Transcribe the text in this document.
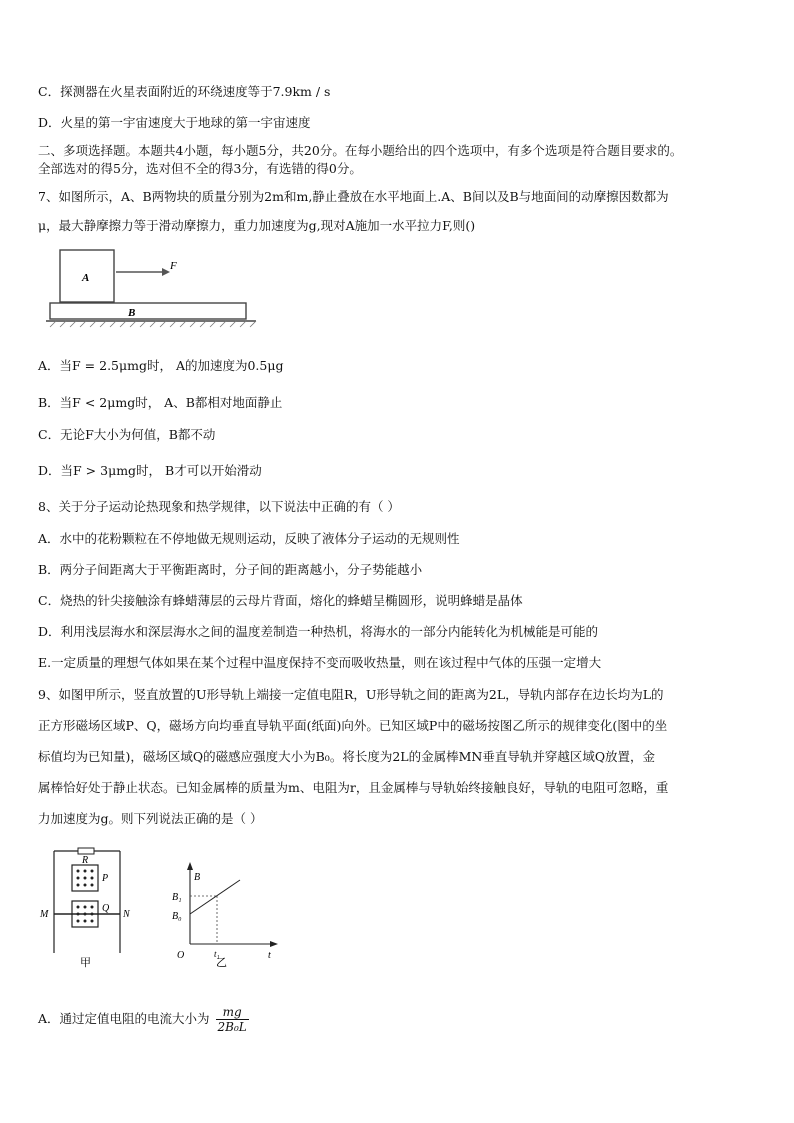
C．探测器在火星表面附近的环绕速度等于7.9km / s
D．火星的第一宇宙速度大于地球的第一宇宙速度
二、多项选择题。本题共4小题，每小题5分，共20分。在每小题给出的四个选项中，有多个选项是符合题目要求的。
全部选对的得5分，选对但不全的得3分，有选错的得0分。
7、如图所示，A、B两物块的质量分别为2m和m,静止叠放在水平地面上.A、B间以及B与地面间的动摩擦因数都为
μ，最大静摩擦力等于滑动摩擦力，重力加速度为g,现对A施加一水平拉力F,则()
A
F
B
A．当F = 2.5μmg时， A的加速度为0.5μg
B．当F < 2μmg时， A、B都相对地面静止
C．无论F大小为何值，B都不动
D．当F > 3μmg时， B才可以开始滑动
8、关于分子运动论热现象和热学规律，以下说法中正确的有（ ）
A．水中的花粉颗粒在不停地做无规则运动，反映了液体分子运动的无规则性
B．两分子间距离大于平衡距离时，分子间的距离越小，分子势能越小
C．烧热的针尖接触涂有蜂蜡薄层的云母片背面，熔化的蜂蜡呈椭圆形，说明蜂蜡是晶体
D．利用浅层海水和深层海水之间的温度差制造一种热机，将海水的一部分内能转化为机械能是可能的
E.一定质量的理想气体如果在某个过程中温度保持不变而吸收热量，则在该过程中气体的压强一定增大
9、如图甲所示，竖直放置的U形导轨上端接一定值电阻R，U形导轨之间的距离为2L，导轨内部存在边长均为L的
正方形磁场区域P、Q，磁场方向均垂直导轨平面(纸面)向外。已知区域P中的磁场按图乙所示的规律变化(图中的坐
标值均为已知量)，磁场区域Q的磁感应强度大小为B₀。将长度为2L的金属棒MN垂直导轨并穿越区域Q放置，金
属棒恰好处于静止状态。已知金属棒的质量为m、电阻为r，且金属棒与导轨始终接触良好，导轨的电阻可忽略，重
力加速度为g。则下列说法正确的是（ ）
R
P
Q
M	N
甲
B
t
O
B₁
B₀
t₁
乙
A．通过定值电阻的电流大小为 $\frac{mg}{\text{2B₀L}}$
